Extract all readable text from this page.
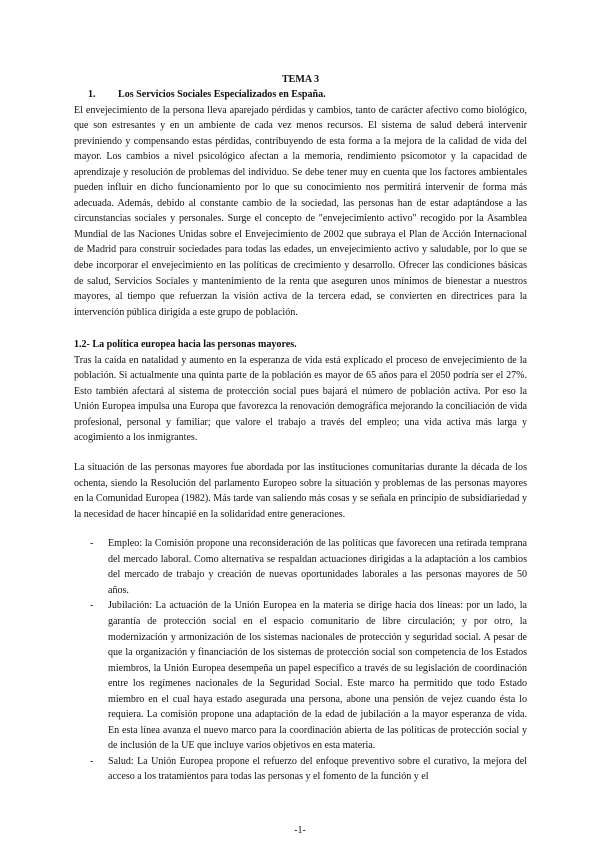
TEMA 3

1. Los Servicios Sociales Especializados en España.

El envejecimiento de la persona lleva aparejado pérdidas y cambios, tanto de carácter afectivo como biológico, que son estresantes y en un ambiente de cada vez menos recursos. El sistema de salud deberá intervenir previniendo y compensando estas pérdidas, contribuyendo de esta forma a la mejora de la calidad de vida del mayor. Los cambios a nivel psicológico afectan a la memoria, rendimiento psicomotor y la capacidad de aprendizaje y resolución de problemas del individuo. Se debe tener muy en cuenta que los factores ambientales pueden influir en dicho funcionamiento por lo que su conocimiento nos permitirá intervenir de forma más adecuada. Además, debido al constante cambio de la sociedad, las personas han de estar adaptándose a las circunstancias sociales y personales. Surge el concepto de "envejecimiento activo" recogido por la Asamblea Mundial de las Naciones Unidas sobre el Envejecimiento de 2002 que subraya el Plan de Acción Internacional de Madrid para construir sociedades para todas las edades, un envejecimiento activo y saludable, por lo que se debe incorporar el envejecimiento en las políticas de crecimiento y desarrollo. Ofrecer las condiciones básicas de salud, Servicios Sociales y mantenimiento de la renta que aseguren unos mínimos de bienestar a nuestros mayores, al tiempo que refuerzan la visión activa de la tercera edad, se convierten en directrices para la intervención pública dirigida a este grupo de población.

1.2- La política europea hacia las personas mayores.

Tras la caída en natalidad y aumento en la esperanza de vida está explicado el proceso de envejecimiento de la población. Si actualmente una quinta parte de la población es mayor de 65 años para el 2050 podría ser el 27%. Esto también afectará al sistema de protección social pues bajará el número de población activa. Por eso la Unión Europea impulsa una Europa que favorezca la renovación demográfica mejorando la conciliación de vida profesional, personal y familiar; que valore el trabajo a través del empleo; una vida activa más larga y acogimiento a los inmigrantes.

La situación de las personas mayores fue abordada por las instituciones comunitarias durante la década de los ochenta, siendo la Resolución del parlamento Europeo sobre la situación y problemas de las personas mayores en la Comunidad Europea (1982). Más tarde van saliendo más cosas y se señala en principio de subsidiariedad y la necesidad de hacer hincapié en la solidaridad entre generaciones.

- Empleo: la Comisión propone una reconsideración de las políticas que favorecen una retirada temprana del mercado laboral. Como alternativa se respaldan actuaciones dirigidas a la adaptación a los cambios del mercado de trabajo y creación de nuevas oportunidades laborales a las personas mayores de 50 años.
- Jubilación: La actuación de la Unión Europea en la materia se dirige hacia dos líneas: por un lado, la garantía de protección social en el espacio comunitario de libre circulación; y por otro, la modernización y armonización de los sistemas nacionales de protección y seguridad social. A pesar de que la organización y financiación de los sistemas de protección social son competencia de los Estados miembros, la Unión Europea desempeña un papel específico a través de su legislación de coordinación entre los regímenes nacionales de la Seguridad Social. Este marco ha permitido que todo Estado miembro en el cual haya estado asegurada una persona, abone una pensión de vejez cuando ésta lo requiera. La comisión propone una adaptación de la edad de jubilación a la mayor esperanza de vida. En esta línea avanza el nuevo marco para la coordinación abierta de las políticas de protección social y de inclusión de la UE que incluye varios objetivos en esta materia.
- Salud: La Unión Europea propone el refuerzo del enfoque preventivo sobre el curativo, la mejora del acceso a los tratamientos para todas las personas y el fomento de la función y el
-1-
